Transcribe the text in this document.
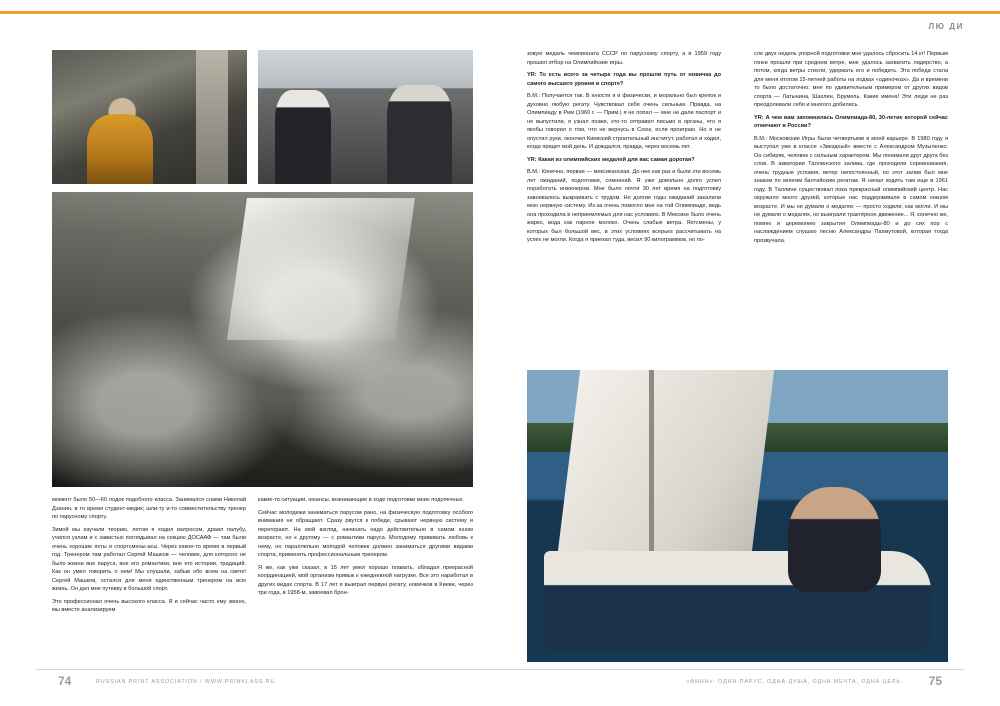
ЛЮ ДИ

момент было 50—60 лодок подобного класса. Занимался снами Николай Дзанин, в то время студент-медик; шли-ту и-то совместительству тренер по парусному спорту.

Зимой мы изучали теорию, летом я ходил матросом, драил палубу, учился узлам и с завистью поглядывал на секцию ДОСААФ — там были очень хорошие яхты и спортсмены-асы. Через какое-то время в первый год. Тренером там работал Сергей Машков — человек, для которого не было жизни вне паруса, вне его романтики, вне его истории, традиций. Как он умел говорить о нем! Мы слушали, забыв обо всем на свете! Сергей Машков, остался для меня единственным тренером на всю жизнь. Он дал мне путевку в большой спорт.

Это профессионал очень высокого класса. Я и сейчас часто ему звоню, мы вместе анализируем

какие-то ситуации, нюансы, возникающие в ходе подготовки моих подопечных.

Сейчас молодежи заниматься парусом рано, на физическую подготовку особого внимания не обращают. Сразу рвутся к победе, срывают нервную систему и перегорают. На мой взгляд, начинать надо действительно в самом юном возрасте, но к другому — с романтики паруса. Молодому прививать любовь к нему, но параллельно молодой человек должен заниматься другими видами спорта, применять профессиональным тренером.

Я же, как уже сказал, в 15 лет умел хорошо плавать, обладал прекрасной координацией, мой организм привык к ежедневной нагрузке. Все это наработал в других видах спорта. В 17 лет я выиграл первую регату, новичков в Киеве, через три года, в 1958-м, завоевал брон-

зовую медаль чемпионата СССР по парусному спорту, а в 1959 году прошел отбор на Олимпийские игры.

YR: То есть всего за четыре года вы прошли путь от новичка до самого высшего уровня в спорте?

В.М.: Получается так. В юности я и физически, и морально был крепок и духовно любую регату. Чувствовал себя очень сильным. Правда, на Олимпиаду в Рим (1960 г. — Прим.) я не попал — мне не дали паспорт и не выпустили, я узнал позже, кто-то отправил письмо в органы, что я якобы говорил о том, что не вернусь в Союз, если проиграю. Но я не опустил руки, окончил Киевский строительный институт, работал и ходил, когда придет мой день. И дождался, правда, через восемь лет.

YR: Какая из олимпийских медалей для вас самая дорогая?

В.М.: Конечно, первая — мексиканская. До нее как раз и были эти восемь лет ожиданий, подготовки, сомнений. Я уже довольно долго успел поработать инженером. Мне было почти 30 лет время на подготовку завоевалось выкраивать с трудом. Но долгие годы ожиданий закалили мою нервную систему. Из-за очень помогло мне на той Олимпиаде, ведь она проходила в неприемлемых для нас условиях. В Мексике было очень жарко, вода как парное молоко. Очень слабые ветра. Яхтсмены, у которых был большой вес, в этих условиях всерьез рассчитывать на успех не могли. Когда я приехал туда, весил 90 килограммов, но по-

сле двух недель упорной подготовки мне удалось сбросить 14 кг! Первым гонки прошли при среднем ветре, мне удалось захватить лидерство, а потом, когда ветры стихли, удержать его и победить. Эта победа стала для меня итогом 15-летней работы на лодках «одиночках». Да и времени то было достаточно: мне по удивительным примером от других видов спорта — Латынина, Шахлин, Брумель. Какие имена! Эти люди не раз преодолевали себя и многого добились.

YR: А чем вам запомнилась Олимпиада-80, 30-летие которой сейчас отмечают в России?

В.М.: Московские Игры были четвертыми в моей карьере. В 1980 году я выступал уже в классе «Звездный» вместе с Александром Музыленко. Он сибиряк, человек с сильным характером. Мы понимали друг друга без слов. В акватории Таллинского залива, где проходили соревнования, очень трудные условия, ветер непостоянный, но этот залив был мне знаком по многим балтийским регатам. Я начал ходить там еще в 1961 году. В Таллине существовал пока прекрасный олимпийский центр. Нас окружало много друзей, которые нас поддерживали в самом южном возрасте. И мы не думали о медалях — просто ходили, как могли. И мы не думали о медалях, но выиграли трактёрное движение... Я, конечно же, помню и церемонию закрытия Олимпиады-80 и до сих пор с наслаждением слушаю песню Александры Пахмутовой, которая тогда прозвучала.

74	75
RUSSIAN PRINT ASSOCIATION / WWW.PRINKLASS.RU	«ФИНН»: ОДИН ПАРУС, ОДНА ДУША, ОДНА МЕЧТА, ОДНА ЦЕЛЬ...
